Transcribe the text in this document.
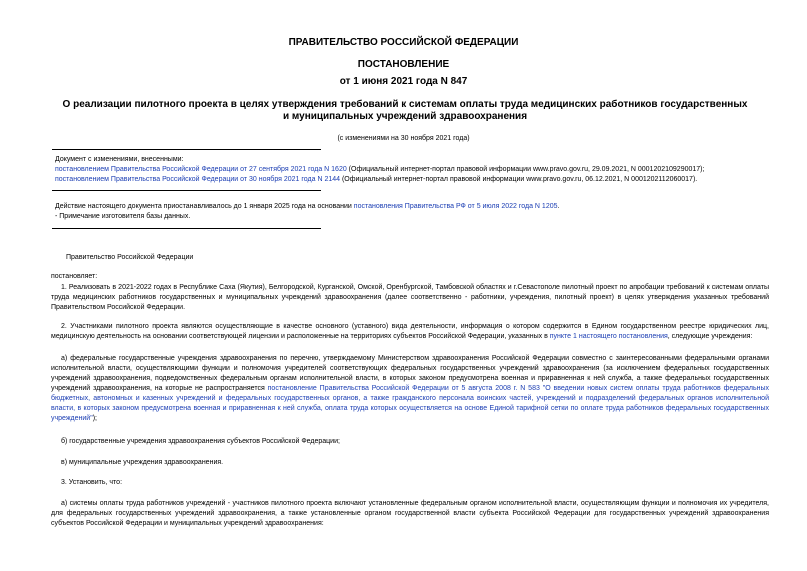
ПРАВИТЕЛЬСТВО РОССИЙСКОЙ ФЕДЕРАЦИИ
ПОСТАНОВЛЕНИЕ
от 1 июня 2021 года N 847
О реализации пилотного проекта в целях утверждения требований к системам оплаты труда медицинских работников государственных и муниципальных учреждений здравоохранения
(с изменениями на 30 ноября 2021 года)
Документ с изменениями, внесенными:
постановлением Правительства Российской Федерации от 27 сентября 2021 года N 1620 (Официальный интернет-портал правовой информации www.pravo.gov.ru, 29.09.2021, N 0001202109290017);
постановлением Правительства Российской Федерации от 30 ноября 2021 года N 2144 (Официальный интернет-портал правовой информации www.pravo.gov.ru, 06.12.2021, N 0001202112060017).
Действие настоящего документа приостанавливалось до 1 января 2025 года на основании постановления Правительства РФ от 5 июля 2022 года N 1205.
- Примечание изготовителя базы данных.
Правительство Российской Федерации
постановляет:
1. Реализовать в 2021-2022 годах в Республике Саха (Якутия), Белгородской, Курганской, Омской, Оренбургской, Тамбовской областях и г.Севастополе пилотный проект по апробации требований к системам оплаты труда медицинских работников государственных и муниципальных учреждений здравоохранения (далее соответственно - работники, учреждения, пилотный проект) в целях утверждения указанных требований Правительством Российской Федерации.
2. Участниками пилотного проекта являются осуществляющие в качестве основного (уставного) вида деятельности, информация о котором содержится в Едином государственном реестре юридических лиц, медицинскую деятельность на основании соответствующей лицензии и расположенные на территориях субъектов Российской Федерации, указанных в пункте 1 настоящего постановления, следующие учреждения:
а) федеральные государственные учреждения здравоохранения по перечню, утверждаемому Министерством здравоохранения Российской Федерации совместно с заинтересованными федеральными органами исполнительной власти, осуществляющими функции и полномочия учредителей соответствующих федеральных государственных учреждений здравоохранения (за исключением федеральных государственных учреждений здравоохранения, подведомственных федеральным органам исполнительной власти, в которых законом предусмотрена военная и приравненная к ней служба, а также федеральных государственных учреждений здравоохранения, на которые не распространяется постановление Правительства Российской Федерации от 5 августа 2008 г. N 583 "О введении новых систем оплаты труда работников федеральных бюджетных, автономных и казенных учреждений и федеральных государственных органов, а также гражданского персонала воинских частей, учреждений и подразделений федеральных органов исполнительной власти, в которых законом предусмотрена военная и приравненная к ней служба, оплата труда которых осуществляется на основе Единой тарифной сетки по оплате труда работников федеральных государственных учреждений");
б) государственные учреждения здравоохранения субъектов Российской Федерации;
в) муниципальные учреждения здравоохранения.
3. Установить, что:
а) системы оплаты труда работников учреждений - участников пилотного проекта включают установленные федеральным органом исполнительной власти, осуществляющим функции и полномочия их учредителя, для федеральных государственных учреждений здравоохранения, а также установленные органом государственной власти субъекта Российской Федерации для государственных учреждений здравоохранения субъектов Российской Федерации и муниципальных учреждений здравоохранения:
